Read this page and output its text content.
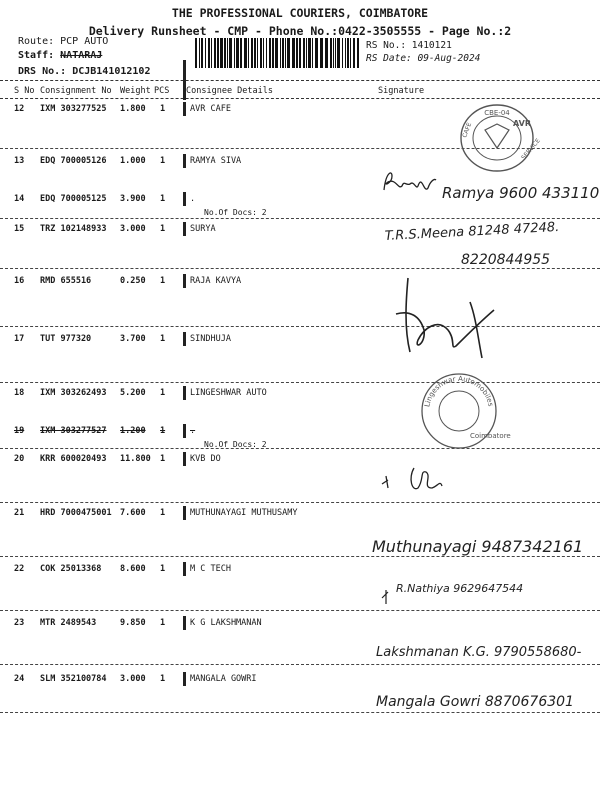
THE PROFESSIONAL COURIERS, COIMBATORE
Delivery Runsheet - CMP - Phone No.:0422-3505555 - Page No.:2
Route: PCP AUTO
Staff: NATARAJ
DRS No.: DCJB141012102
RS No.: 1410121
RS Date: 09-Aug-2024
S No Consignment No Weight PCS Consignee Details	Signature
12 IXM 303277525 1.800 1	AVR CAFE
13 EDQ 700005126 1.000 1	RAMYA SIVA
14 EDQ 700005125 3.900 1	.
No.Of Docs: 2
15 TRZ 102148933 3.000 1	SURYA
16 RMD 655516	0.250 1	RAJA KAVYA
17 TUT 977320	3.700 1	SINDHUJA
18 IXM 303262493 5.200 1	LINGESHWAR AUTO
19 IXM 303277527 1.200 1	.
No.Of Docs: 2
20 KRR 600020493 11.800 1	KVB DO
21 HRD 7000475001 7.600 1	MUTHUNAYAGI MUTHUSAMY
22 COK 25013368 8.600 1	M C TECH
23 MTR 2489543	9.850 1	K G LAKSHMANAN
24 SLM 352100784 3.000 1	MANGALA GOWRI
CBE-04
AVR
CAFE
SERVICE
Ramya 9600 433110
T.R.S.Meena 81248 47248.
8220844955
Lingeshwar Automobiles
Coimbatore
Muthunayagi 9487342161
R.Nathiya 9629647544
Lakshmanan K.G. 9790558680-
Mangala Gowri 8870676301
